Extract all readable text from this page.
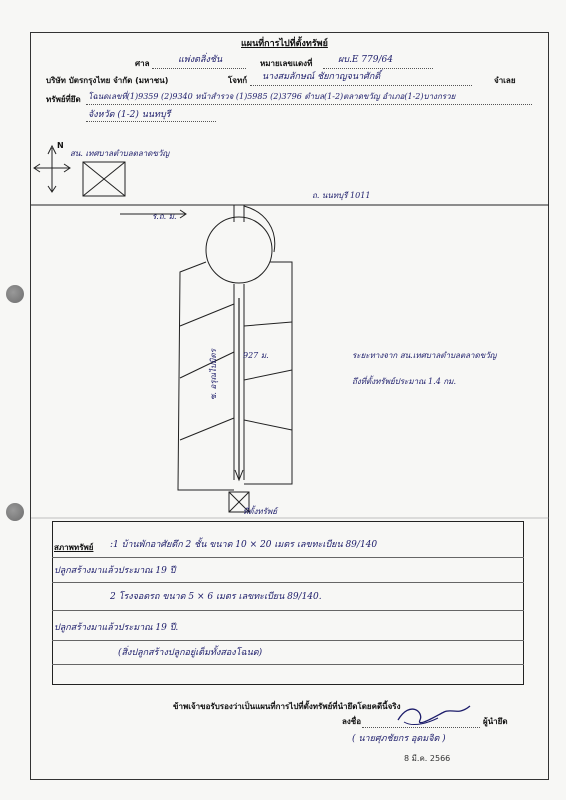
แผนที่การไปที่ตั้งทรัพย์
ศาล	แพ่งตลิ่งชัน	หมายเลขแดงที่	ผบ.E 779/64
บริษัท บัตรกรุงไทย จำกัด (มหาชน)	โจทก์ นางสมลักษณ์ ชัยกาญจนาศักดิ์	จำเลย
ทรัพย์ที่ยึด โฉนดเลขที่(1)9359 (2)9340 หน้าสำรวจ (1)5985 (2)3796 ตำบล(1-2)ตลาดขวัญ อำเภอ(1-2)บางกรวย
จังหวัด (1-2) นนทบุรี
N
สน. เทศบาลตำบลตลาดขวัญ
ถ. นนทบุรี 1011
ร.ถ. ม.
927 ม.
ซ. อรุณไปมิตร	ระยะทางจาก สน.เทศบาลตำบลตลาดขวัญ
ถึงที่ตั้งทรัพย์ประมาณ 1.4 กม.
ที่ตั้งทรัพย์
สภาพทรัพย์ :1 บ้านพักอาศัยตึก 2 ชั้น ขนาด 10 × 20 เมตร เลขทะเบียน 89/140
ปลูกสร้างมาแล้วประมาณ 19 ปี
2 โรงจอดรถ ขนาด 5 × 6 เมตร เลขทะเบียน 89/140.
ปลูกสร้างมาแล้วประมาณ 19 ปี.
(สิ่งปลูกสร้างปลูกอยู่เต็มทั้งสองโฉนด)
ข้าพเจ้าขอรับรองว่าเป็นแผนที่การไปที่ตั้งทรัพย์ที่นำยึดโดยคดีนี้จริง
ลงชื่อ	ผู้นำยึด
( นายศุภชัยกร อุดมจิต )
8 มี.ค. 2566
